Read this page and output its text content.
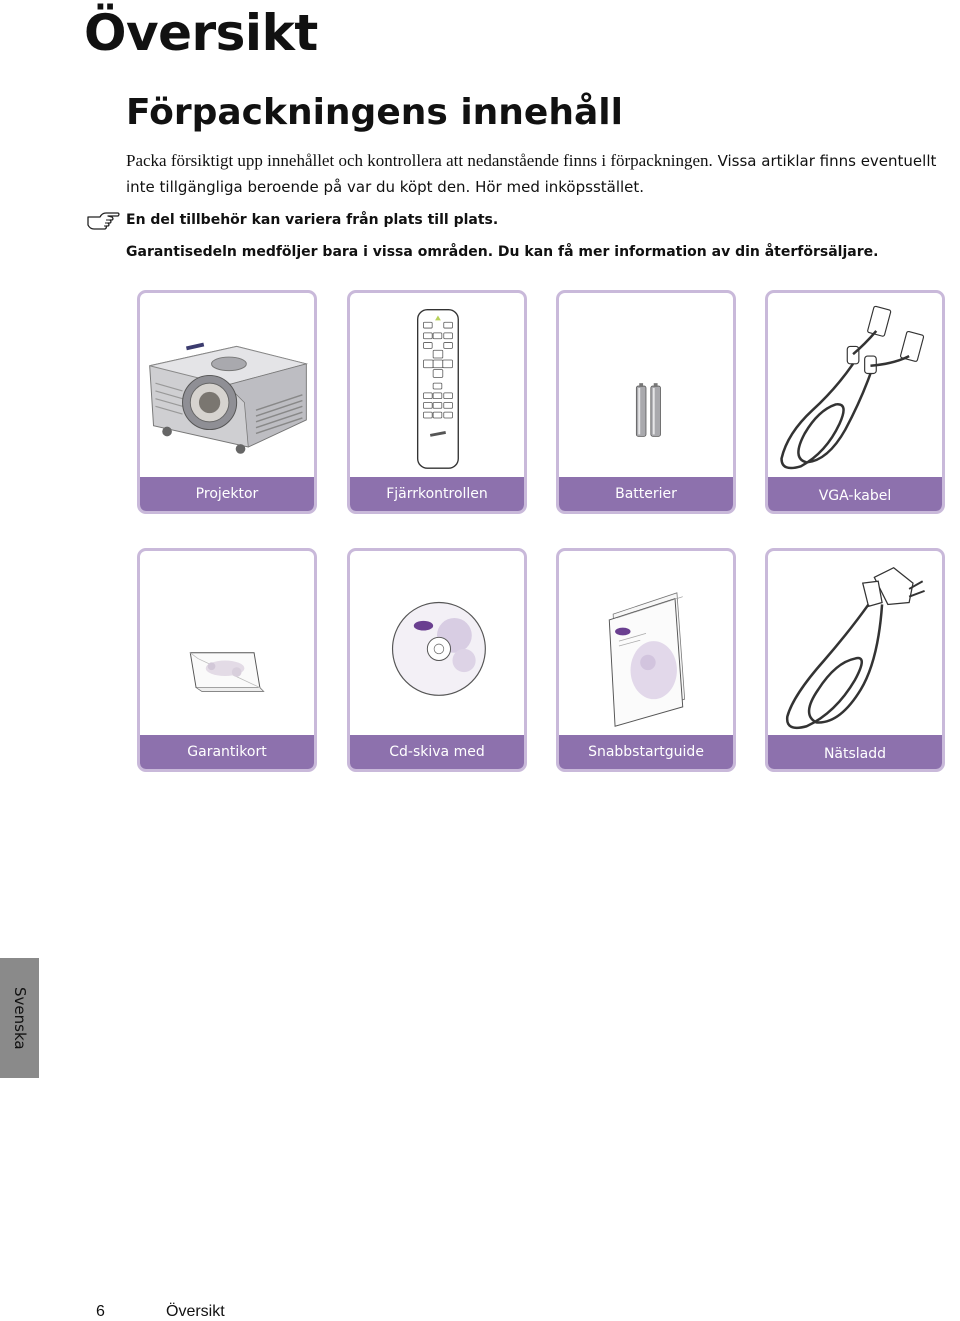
Översikt
Förpackningens innehåll

Packa försiktigt upp innehållet och kontrollera att nedanstående finns i förpackningen. Vissa artiklar finns eventuellt inte tillgängliga beroende på var du köpt den. Hör med inköpsstället.

En del tillbehör kan variera från plats till plats.

Garantisedeln medföljer bara i vissa områden. Du kan få mer information av din återförsäljare.

Projektor	Fjärrkontrollen	Batterier	VGA-kabel
Garantikort	Cd-skiva med	Snabbstartguide	Nätsladd
Svenska
6	Översikt
